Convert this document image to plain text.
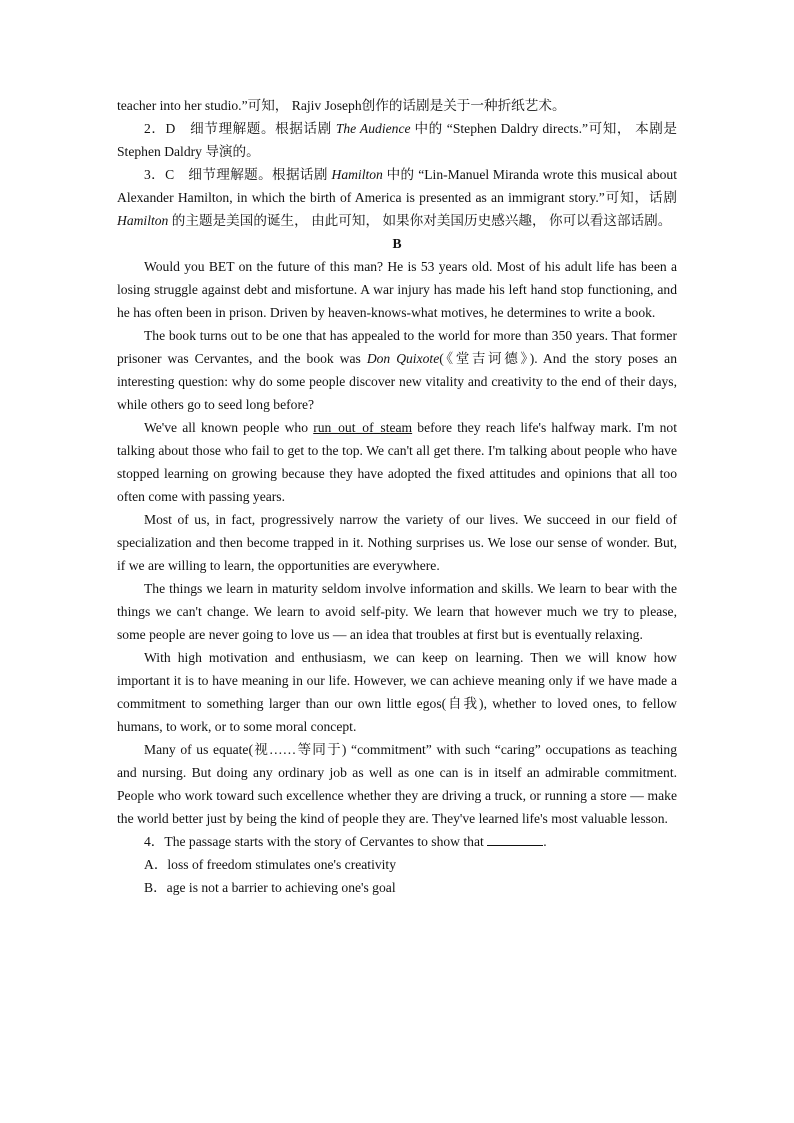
teacher into her studio.”可知， Rajiv Joseph创作的话剧是关于一种折纸艺术。

2．D　细节理解题。根据话剧 The Audience 中的 “Stephen Daldry directs.”可知， 本剧是 Stephen Daldry 导演的。

3．C　细节理解题。根据话剧 Hamilton 中的 “Lin-Manuel Miranda wrote this musical about Alexander Hamilton, in which the birth of America is presented as an immigrant story.”可知，话剧 Hamilton 的主题是美国的诞生， 由此可知， 如果你对美国历史感兴趣， 你可以看这部话剧。

B

Would you BET on the future of this man? He is 53 years old. Most of his adult life has been a losing struggle against debt and misfortune. A war injury has made his left hand stop functioning, and he has often been in prison. Driven by heaven-knows-what motives, he determines to write a book.

The book turns out to be one that has appealed to the world for more than 350 years. That former prisoner was Cervantes, and the book was Don Quixote(《堂吉诃德》). And the story poses an interesting question: why do some people discover new vitality and creativity to the end of their days, while others go to seed long before?

We've all known people who run_out_of_steam before they reach life's halfway mark. I'm not talking about those who fail to get to the top. We can't all get there. I'm talking about people who have stopped learning on growing because they have adopted the fixed attitudes and opinions that all too often come with passing years.

Most of us, in fact, progressively narrow the variety of our lives. We succeed in our field of specialization and then become trapped in it. Nothing surprises us. We lose our sense of wonder. But, if we are willing to learn, the opportunities are everywhere.

The things we learn in maturity seldom involve information and skills. We learn to bear with the things we can't change. We learn to avoid self-pity. We learn that however much we try to please, some people are never going to love us — an idea that troubles at first but is eventually relaxing.

With high motivation and enthusiasm, we can keep on learning. Then we will know how important it is to have meaning in our life. However, we can achieve meaning only if we have made a commitment to something larger than our own little egos(自我), whether to loved ones, to fellow humans, to work, or to some moral concept.

Many of us equate(视……等同于) “commitment” with such “caring” occupations as teaching and nursing. But doing any ordinary job as well as one can is in itself an admirable commitment. People who work toward such excellence whether they are driving a truck, or running a store — make the world better just by being the kind of people they are. They've learned life's most valuable lesson.

4．The passage starts with the story of Cervantes to show that	.

A．loss of freedom stimulates one's creativity

B．age is not a barrier to achieving one's goal
